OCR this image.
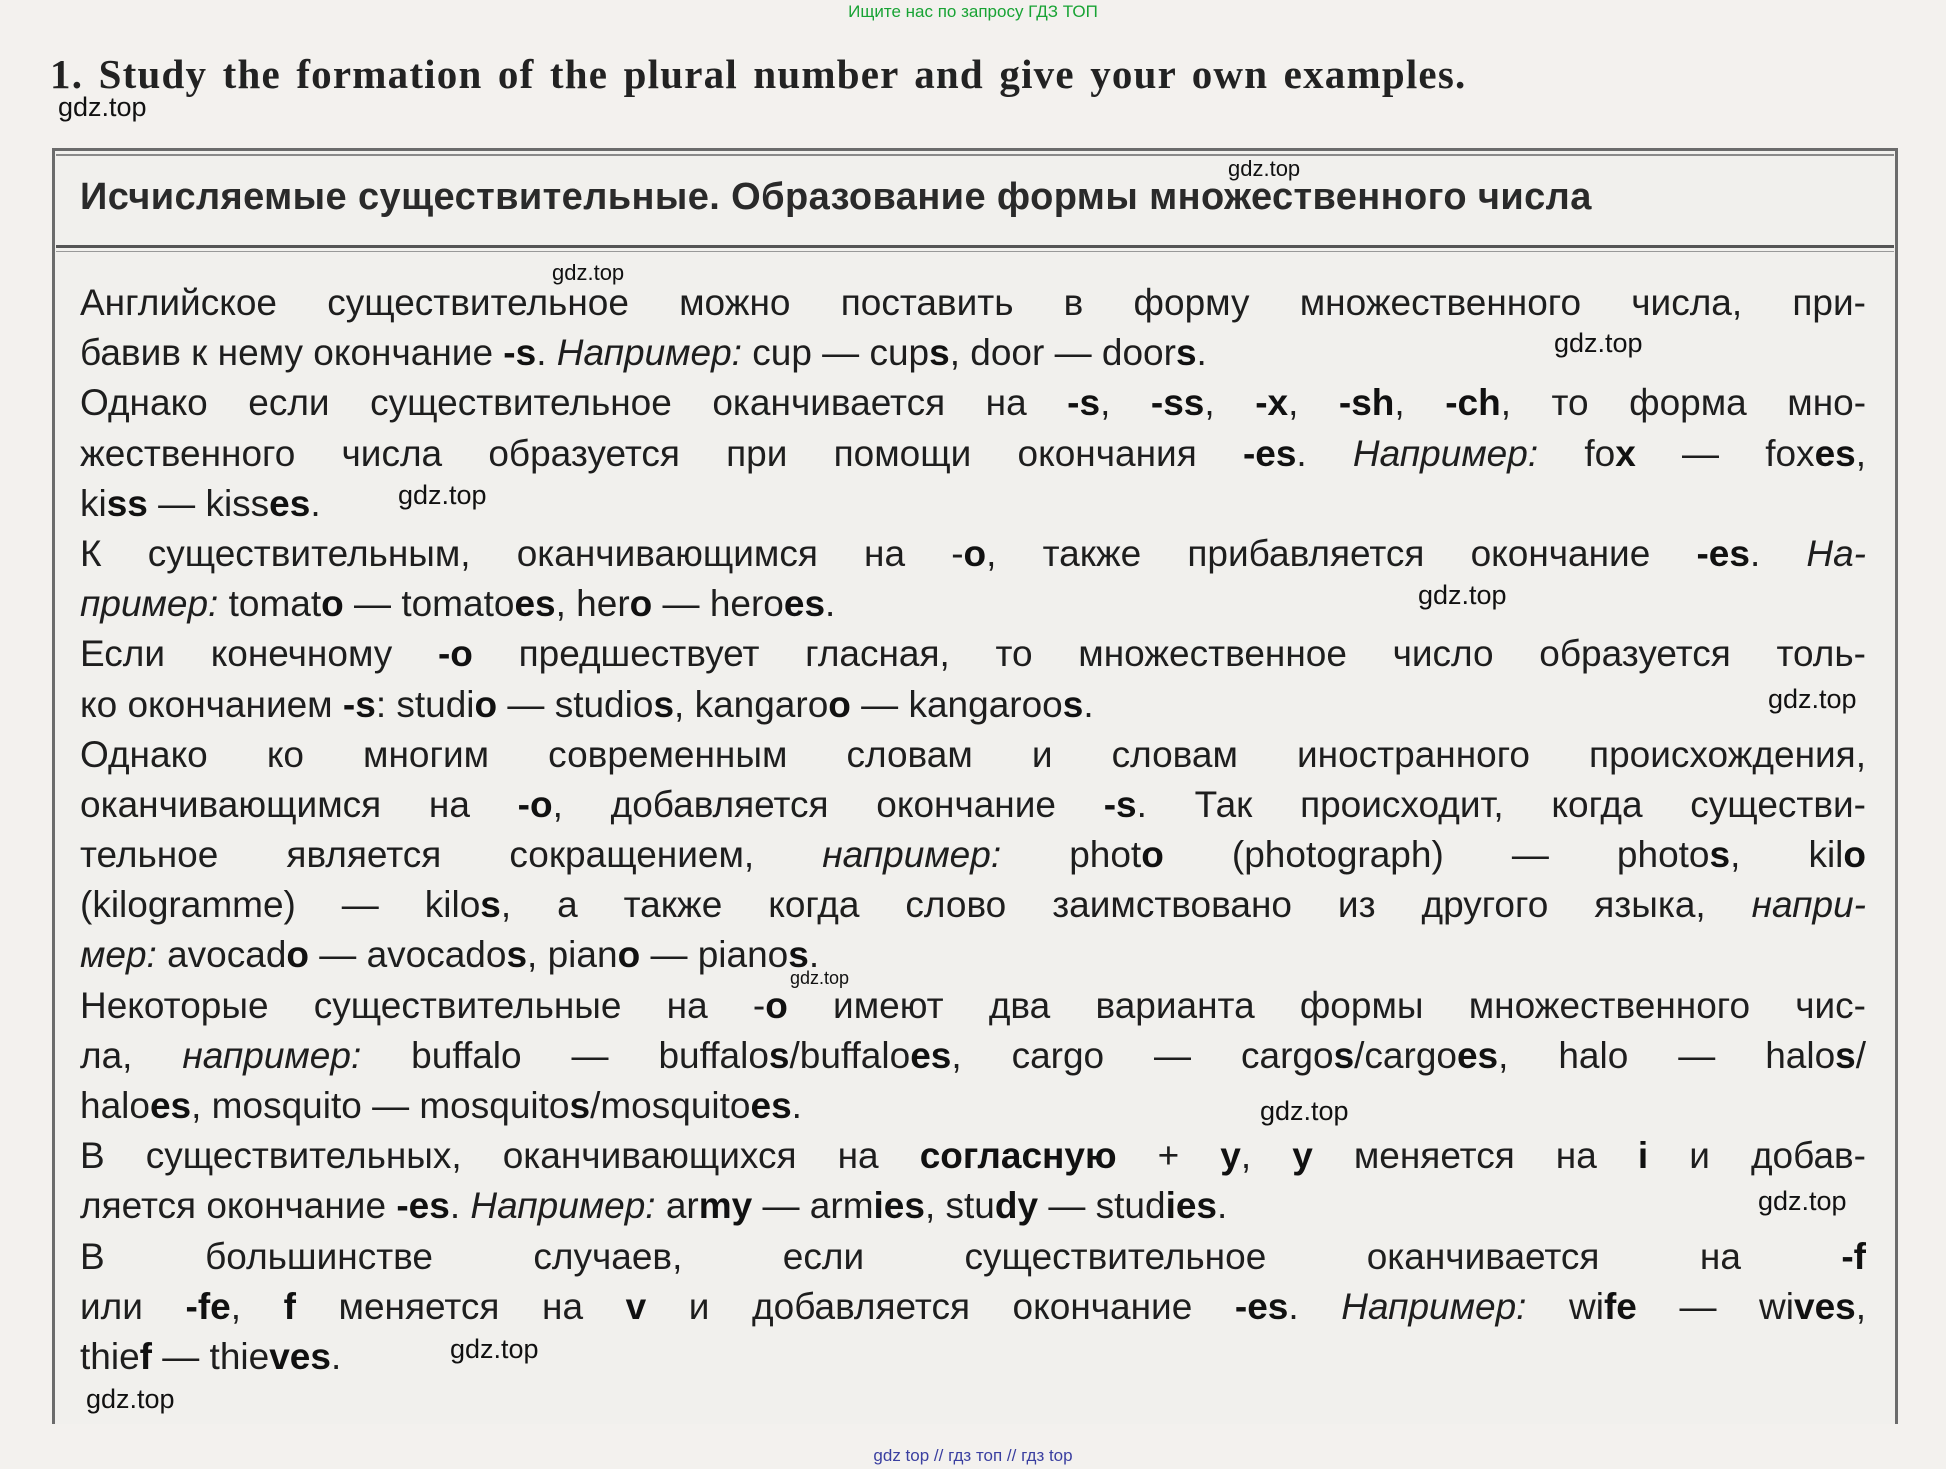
Ищите нас по запросу ГДЗ ТОП
1. Study the formation of the plural number and give your own examples.
gdz.top
Исчисляемые существительные. Образование формы множественного числа
Английское существительное можно поставить в форму множественного числа, при-
бавив к нему окончание -s. Например: cup — cups, door — doors.
Однако если существительное оканчивается на -s, -ss, -x, -sh, -ch, то форма мно-
жественного числа образуется при помощи окончания -es. Например: fox — foxes,
kiss — kisses.
К существительным, оканчивающимся на -o, также прибавляется окончание -es. На-
пример: tomato — tomatoes, hero — heroes.
Если конечному -o предшествует гласная, то множественное число образуется толь-
ко окончанием -s: studio — studios, kangaroo — kangaroos.
Однако ко многим современным словам и словам иностранного происхождения,
оканчивающимся на -o, добавляется окончание -s. Так происходит, когда существи-
тельное является сокращением, например: photo (photograph) — photos, kilo
(kilogramme) — kilos, а также когда слово заимствовано из другого языка, напри-
мер: avocado — avocados, piano — pianos.
Некоторые существительные на -o имеют два варианта формы множественного чис-
ла, например: buffalo — buffalos/buffaloes, cargo — cargos/cargoes, halo — halos/
haloes, mosquito — mosquitos/mosquitoes.
В существительных, оканчивающихся на согласную + y, y меняется на i и добав-
ляется окончание -es. Например: army — armies, study — studies.
В большинстве случаев, если существительное оканчивается на -f
или -fe, f меняется на v и добавляется окончание -es. Например: wife — wives,
thief — thieves.
gdz.top
gdz.top
gdz.top
gdz.top
gdz.top
gdz.top
gdz.top
gdz.top
gdz.top
gdz.top
gdz.top
gdz top // гдз топ // гдз top
